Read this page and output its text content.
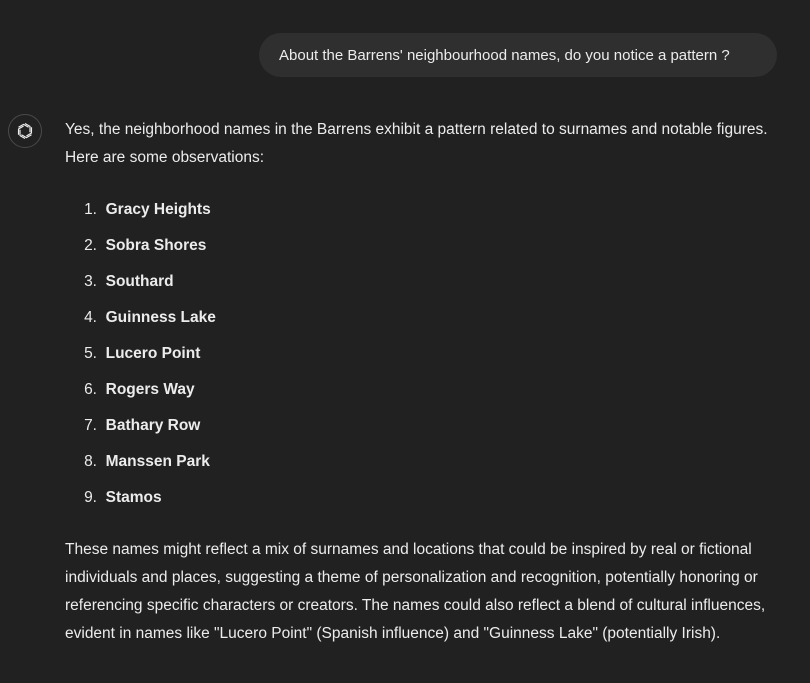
About the Barrens' neighbourhood names, do you notice a pattern ?

Yes, the neighborhood names in the Barrens exhibit a pattern related to surnames and notable figures. Here are some observations:

1.
Gracy Heights
2.
Sobra Shores
3.
Southard
4.
Guinness Lake
5.
Lucero Point
6.
Rogers Way
7.
Bathary Row
8.
Manssen Park
9.
Stamos

These names might reflect a mix of surnames and locations that could be inspired by real or fictional individuals and places, suggesting a theme of personalization and recognition, potentially honoring or referencing specific characters or creators. The names could also reflect a blend of cultural influences, evident in names like "Lucero Point" (Spanish influence) and "Guinness Lake" (potentially Irish).
